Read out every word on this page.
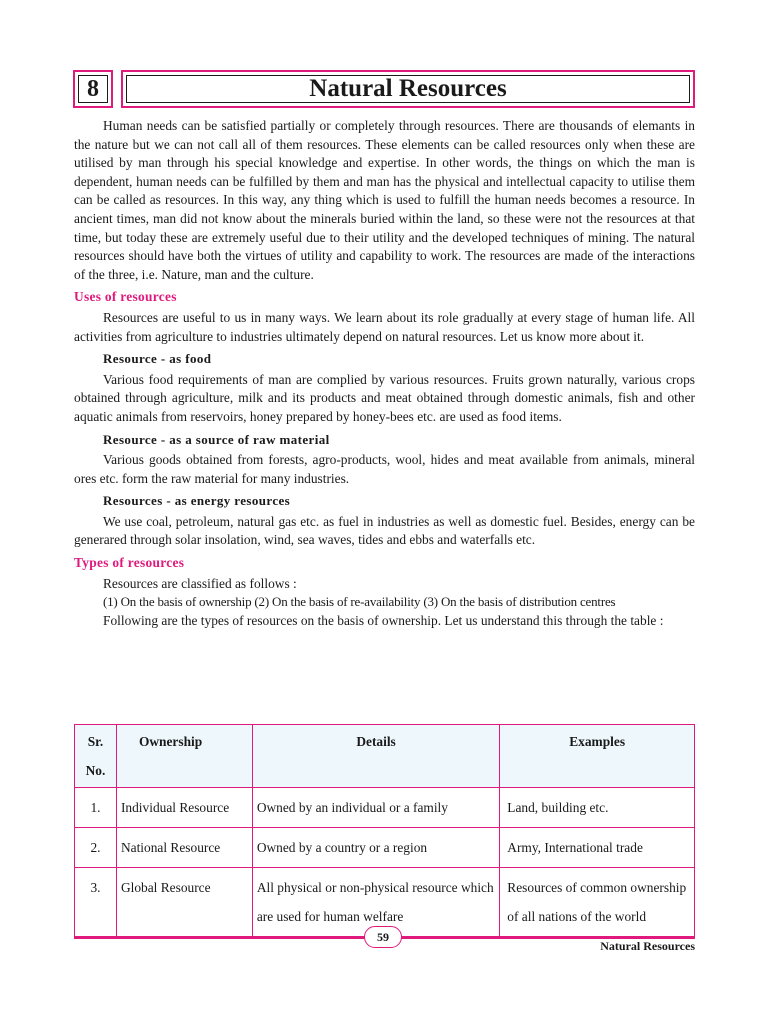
8	Natural Resources

Human needs can be satisfied partially or completely through resources. There are thousands of elemants in the nature but we can not call all of them resources. These elements can be called resources only when these are utilised by man through his special knowledge and expertise. In other words, the things on which the man is dependent, human needs can be fulfilled by them and man has the physical and intellectual capacity to utilise them can be called as resources. In this way, any thing which is used to fulfill the human needs becomes a resource. In ancient times, man did not know about the minerals buried within the land, so these were not the resources at that time, but today these are extremely useful due to their utility and the developed techniques of mining. The natural resources should have both the virtues of utility and capability to work. The resources are made of the interactions of the three, i.e. Nature, man and the culture.

Uses of resources

Resources are useful to us in many ways. We learn about its role gradually at every stage of human life. All activities from agriculture to industries ultimately depend on natural resources. Let us know more about it.

Resource - as food

Various food requirements of man are complied by various resources. Fruits grown naturally, various crops obtained through agriculture, milk and its products and meat obtained through domestic animals, fish and other aquatic animals from reservoirs, honey prepared by honey-bees etc. are used as food items.

Resource - as a source of raw material

Various goods obtained from forests, agro-products, wool, hides and meat available from animals, mineral ores etc. form the raw material for many industries.

Resources - as energy resources

We use coal, petroleum, natural gas etc. as fuel in industries as well as domestic fuel. Besides, energy can be generared through solar insolation, wind, sea waves, tides and ebbs and waterfalls etc.

Types of resources

Resources are classified as follows :

(1) On the basis of ownership (2) On the basis of re-availability (3) On the basis of distribution centres

Following are the types of resources on the basis of ownership. Let us understand this through the table :

Sr. No.	Ownership	Details	Examples
1.	Individual Resource	Owned by an individual or a family	Land, building etc.
2.	National Resource	Owned by a country or a region	Army, International trade
3.	Global Resource	All physical or non-physical resource which are used for human welfare	Resources of common ownership of all nations of the world
59
Natural Resources
